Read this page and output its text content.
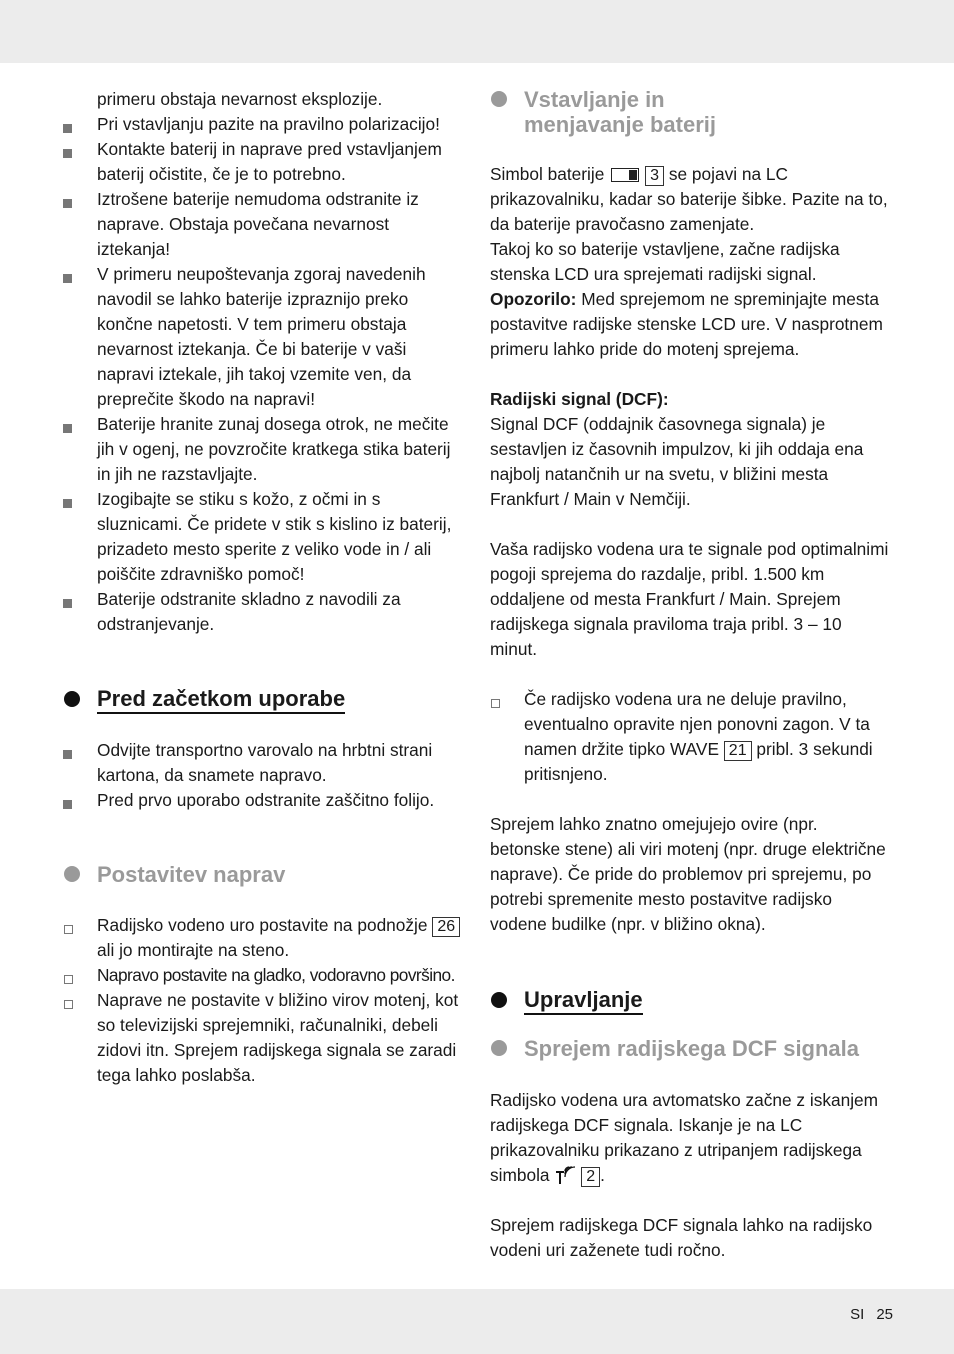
primeru obstaja nevarnost eksplozije.
Pri vstavljanju pazite na pravilno polarizacijo!
Kontakte baterij in naprave pred vstavljanjem baterij očistite, če je to potrebno.
Iztrošene baterije nemudoma odstranite iz naprave. Obstaja povečana nevarnost iztekanja!
V primeru neupoštevanja zgoraj navedenih navodil se lahko baterije izpraznijo preko končne napetosti. V tem primeru obstaja nevarnost iztekanja. Če bi baterije v vaši napravi iztekale, jih takoj vzemite ven, da preprečite škodo na napravi!
Baterije hranite zunaj dosega otrok, ne mečite jih v ogenj, ne povzročite kratkega stika baterij in jih ne razstavljajte.
Izogibajte se stiku s kožo, z očmi in s sluznicami. Če pridete v stik s kislino iz baterij, prizadeto mesto sperite z veliko vode in / ali poiščite zdravniško pomoč!
Baterije odstranite skladno z navodili za odstranjevanje.
Pred začetkom uporabe
Odvijte transportno varovalo na hrbtni strani kartona, da snamete napravo.
Pred prvo uporabo odstranite zaščitno folijo.
Postavitev naprav
Radijsko vodeno uro postavite na podnožje 26 ali jo montirajte na steno.
Napravo postavite na gladko, vodoravno površino.
Naprave ne postavite v bližino virov motenj, kot so televizijski sprejemniki, računalniki, debeli zidovi itn. Sprejem radijskega signala se zaradi tega lahko poslabša.
Vstavljanje in menjavanje baterij

Simbol baterije	3 se pojavi na LC prikazovalniku, kadar so baterije šibke. Pazite na to, da baterije pravočasno zamenjate.

Takoj ko so baterije vstavljene, začne radijska stenska LCD ura sprejemati radijski signal.

Opozorilo: Med sprejemom ne spreminjajte mesta postavitve radijske stenske LCD ure. V nasprotnem primeru lahko pride do motenj sprejema.

Radijski signal (DCF):

Signal DCF (oddajnik časovnega signala) je sestavljen iz časovnih impulzov, ki jih oddaja ena najbolj natančnih ur na svetu, v bližini mesta Frankfurt / Main v Nemčiji.

Vaša radijsko vodena ura te signale pod optimalnimi pogoji sprejema do razdalje, pribl. 1.500 km oddaljene od mesta Frankfurt / Main. Sprejem radijskega signala praviloma traja pribl. 3 – 10 minut.

Če radijsko vodena ura ne deluje pravilno, eventualno opravite njen ponovni zagon. V ta namen držite tipko WAVE 21 pribl. 3 sekundi pritisnjeno.

Sprejem lahko znatno omejujejo ovire (npr. betonske stene) ali viri motenj (npr. druge električne naprave). Če pride do problemov pri sprejemu, po potrebi spremenite mesto postavitve radijsko vodene budilke (npr. v bližino okna).

Upravljanje
Sprejem radijskega DCF signala

Radijsko vodena ura avtomatsko začne z iskanjem radijskega DCF signala. Iskanje je na LC prikazovalniku prikazano z utripanjem radijskega simbola 2 .

Sprejem radijskega DCF signala lahko na radijsko vodeni uri zaženete tudi ročno.

SI 25
